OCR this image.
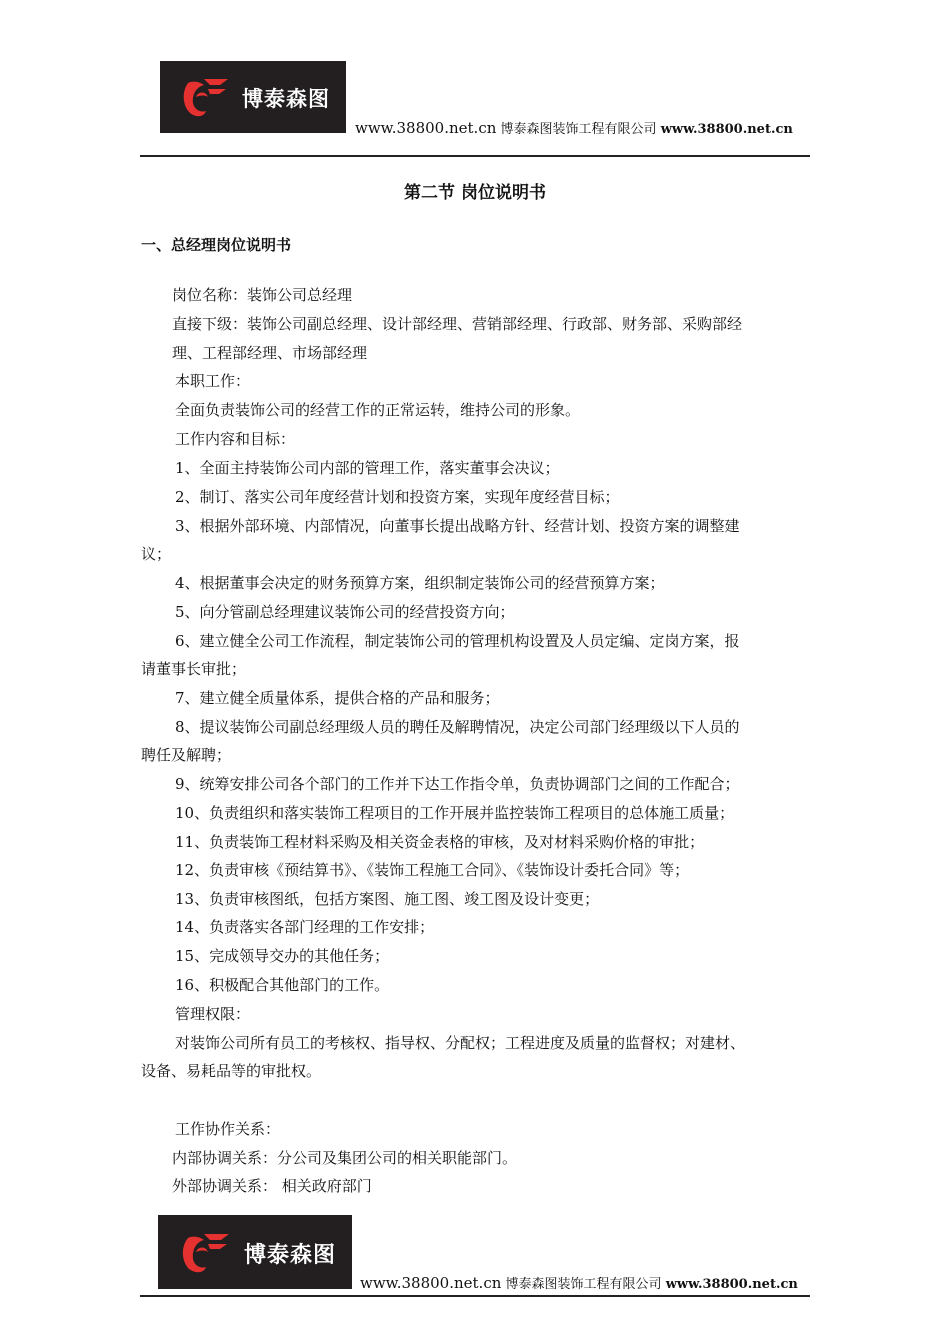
博泰森图
www.38800.net.cn 博泰森图装饰工程有限公司 www.38800.net.cn
第二节 岗位说明书
一、总经理岗位说明书
岗位名称：装饰公司总经理
直接下级：装饰公司副总经理、设计部经理、营销部经理、行政部、财务部、采购部经
理、工程部经理、市场部经理
本职工作：
全面负责装饰公司的经营工作的正常运转，维持公司的形象。
工作内容和目标：
1、全面主持装饰公司内部的管理工作，落实董事会决议；
2、制订、落实公司年度经营计划和投资方案，实现年度经营目标；
3、根据外部环境、内部情况，向董事长提出战略方针、经营计划、投资方案的调整建
议；
4、根据董事会决定的财务预算方案，组织制定装饰公司的经营预算方案；
5、向分管副总经理建议装饰公司的经营投资方向；
6、建立健全公司工作流程，制定装饰公司的管理机构设置及人员定编、定岗方案，报
请董事长审批；
7、建立健全质量体系，提供合格的产品和服务；
8、提议装饰公司副总经理级人员的聘任及解聘情况，决定公司部门经理级以下人员的
聘任及解聘；
9、统筹安排公司各个部门的工作并下达工作指令单，负责协调部门之间的工作配合；
10、负责组织和落实装饰工程项目的工作开展并监控装饰工程项目的总体施工质量；
11、负责装饰工程材料采购及相关资金表格的审核，及对材料采购价格的审批；
12、负责审核《预结算书》、《装饰工程施工合同》、《装饰设计委托合同》等；
13、负责审核图纸，包括方案图、施工图、竣工图及设计变更；
14、负责落实各部门经理的工作安排；
15、完成领导交办的其他任务；
16、积极配合其他部门的工作。
管理权限：
对装饰公司所有员工的考核权、指导权、分配权；工程进度及质量的监督权；对建材、
设备、易耗品等的审批权。
工作协作关系：
内部协调关系：分公司及集团公司的相关职能部门。
外部协调关系： 相关政府部门
博泰森图
www.38800.net.cn 博泰森图装饰工程有限公司 www.38800.net.cn
